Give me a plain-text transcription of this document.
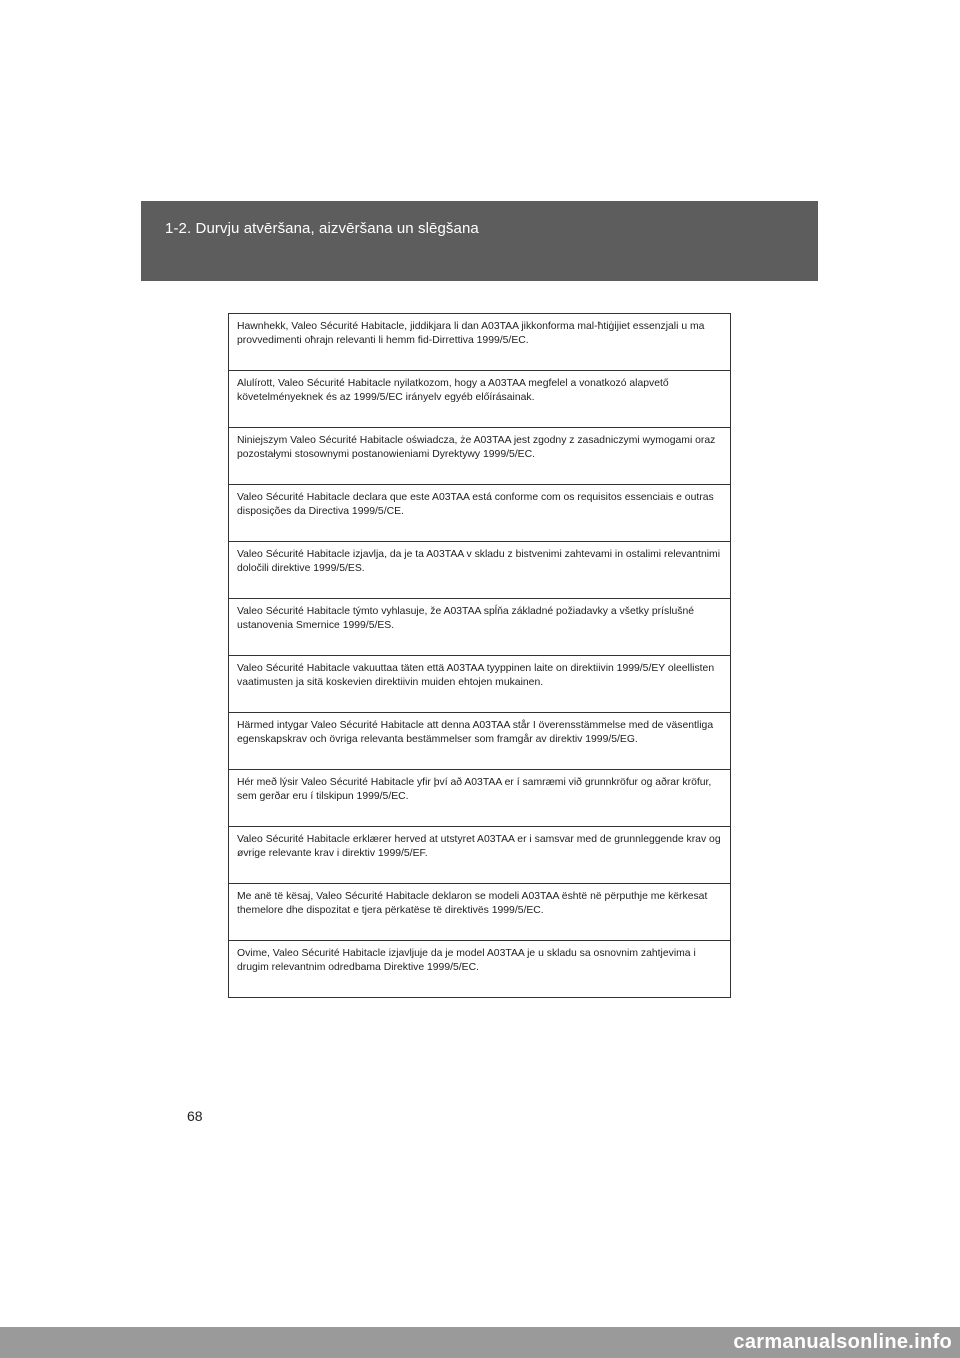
1-2. Durvju atvēršana, aizvēršana un slēgšana
Hawnhekk, Valeo Sécurité Habitacle, jiddikjara li dan A03TAA jikkonforma mal-ħtiġijiet essenzjali u ma provvedimenti oħrajn relevanti li hemm fid-Dirrettiva 1999/5/EC.
Alulírott, Valeo Sécurité Habitacle nyilatkozom, hogy a A03TAA megfelel a vonatkozó alapvető követelményeknek és az 1999/5/EC irányelv egyéb előírásainak.
Niniejszym Valeo Sécurité Habitacle oświadcza, że A03TAA jest zgodny z zasadniczymi wymogami oraz pozostałymi stosownymi postanowieniami Dyrektywy 1999/5/EC.
Valeo Sécurité Habitacle declara que este A03TAA está conforme com os requisitos essenciais e outras disposições da Directiva 1999/5/CE.
Valeo Sécurité Habitacle izjavlja, da je ta A03TAA v skladu z bistvenimi zahtevami in ostalimi relevantnimi določili direktive 1999/5/ES.
Valeo Sécurité Habitacle týmto vyhlasuje, že A03TAA spĺňa základné požiadavky a všetky príslušné ustanovenia Smernice 1999/5/ES.
Valeo Sécurité Habitacle vakuuttaa täten että A03TAA tyyppinen laite on direktiivin 1999/5/EY oleellisten vaatimusten ja sitä koskevien direktiivin muiden ehtojen mukainen.
Härmed intygar Valeo Sécurité Habitacle att denna A03TAA står I överensstämmelse med de väsentliga egenskapskrav och övriga relevanta bestämmelser som framgår av direktiv 1999/5/EG.
Hér með lýsir Valeo Sécurité Habitacle yfir því að A03TAA er í samræmi við grunnkröfur og aðrar kröfur, sem gerðar eru í tilskipun 1999/5/EC.
Valeo Sécurité Habitacle erklærer herved at utstyret A03TAA er i samsvar med de grunnleggende krav og øvrige relevante krav i direktiv 1999/5/EF.
Me anë të kësaj, Valeo Sécurité Habitacle deklaron se modeli A03TAA është në përputhje me kërkesat themelore dhe dispozitat e tjera përkatëse të direktivës 1999/5/EC.
Ovime, Valeo Sécurité Habitacle izjavljuje da je model A03TAA je u skladu sa osnovnim zahtjevima i drugim relevantnim odredbama Direktive 1999/5/EC.
68
carmanualsonline.info
